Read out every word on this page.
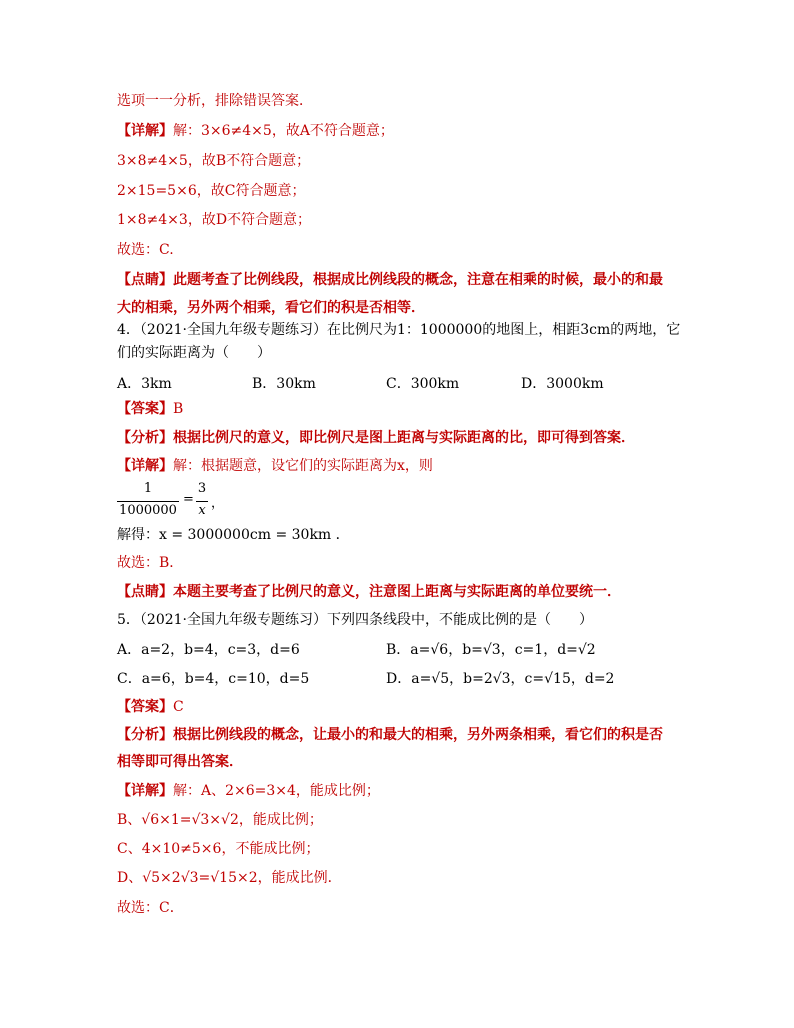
选项一一分析，排除错误答案．
【详解】解：3×6≠4×5，故A不符合题意；
3×8≠4×5，故B不符合题意；
2×15=5×6，故C符合题意；
1×8≠4×3，故D不符合题意；
故选：C.
【点睛】此题考查了比例线段，根据成比例线段的概念，注意在相乘的时候，最小的和最
大的相乘，另外两个相乘，看它们的积是否相等．
4．（2021·全国九年级专题练习）在比例尺为1：1000000的地图上，相距3cm的两地，它
们的实际距离为（　　）
A．3km	B．30km	C．300km	D．3000km
【答案】B
【分析】根据比例尺的意义，即比例尺是图上距离与实际距离的比，即可得到答案．
【详解】解：根据题意，设它们的实际距离为x，则
1
1000000
=
3
x ，
解得：x = 3000000cm = 30km ．
故选：B．
【点睛】本题主要考查了比例尺的意义，注意图上距离与实际距离的单位要统一．
5．（2021·全国九年级专题练习）下列四条线段中，不能成比例的是（　　）
A．a=2，b=4，c=3，d=6	B．a=√6，b=√3，c=1，d=√2
C．a=6，b=4，c=10，d=5	D．a=√5，b=2√3，c=√15，d=2
【答案】C
【分析】根据比例线段的概念，让最小的和最大的相乘，另外两条相乘，看它们的积是否
相等即可得出答案．
【详解】解：A、2×6=3×4，能成比例；
B、√6×1=√3×√2，能成比例；
C、4×10≠5×6，不能成比例；
D、√5×2√3=√15×2，能成比例．
故选：C．
